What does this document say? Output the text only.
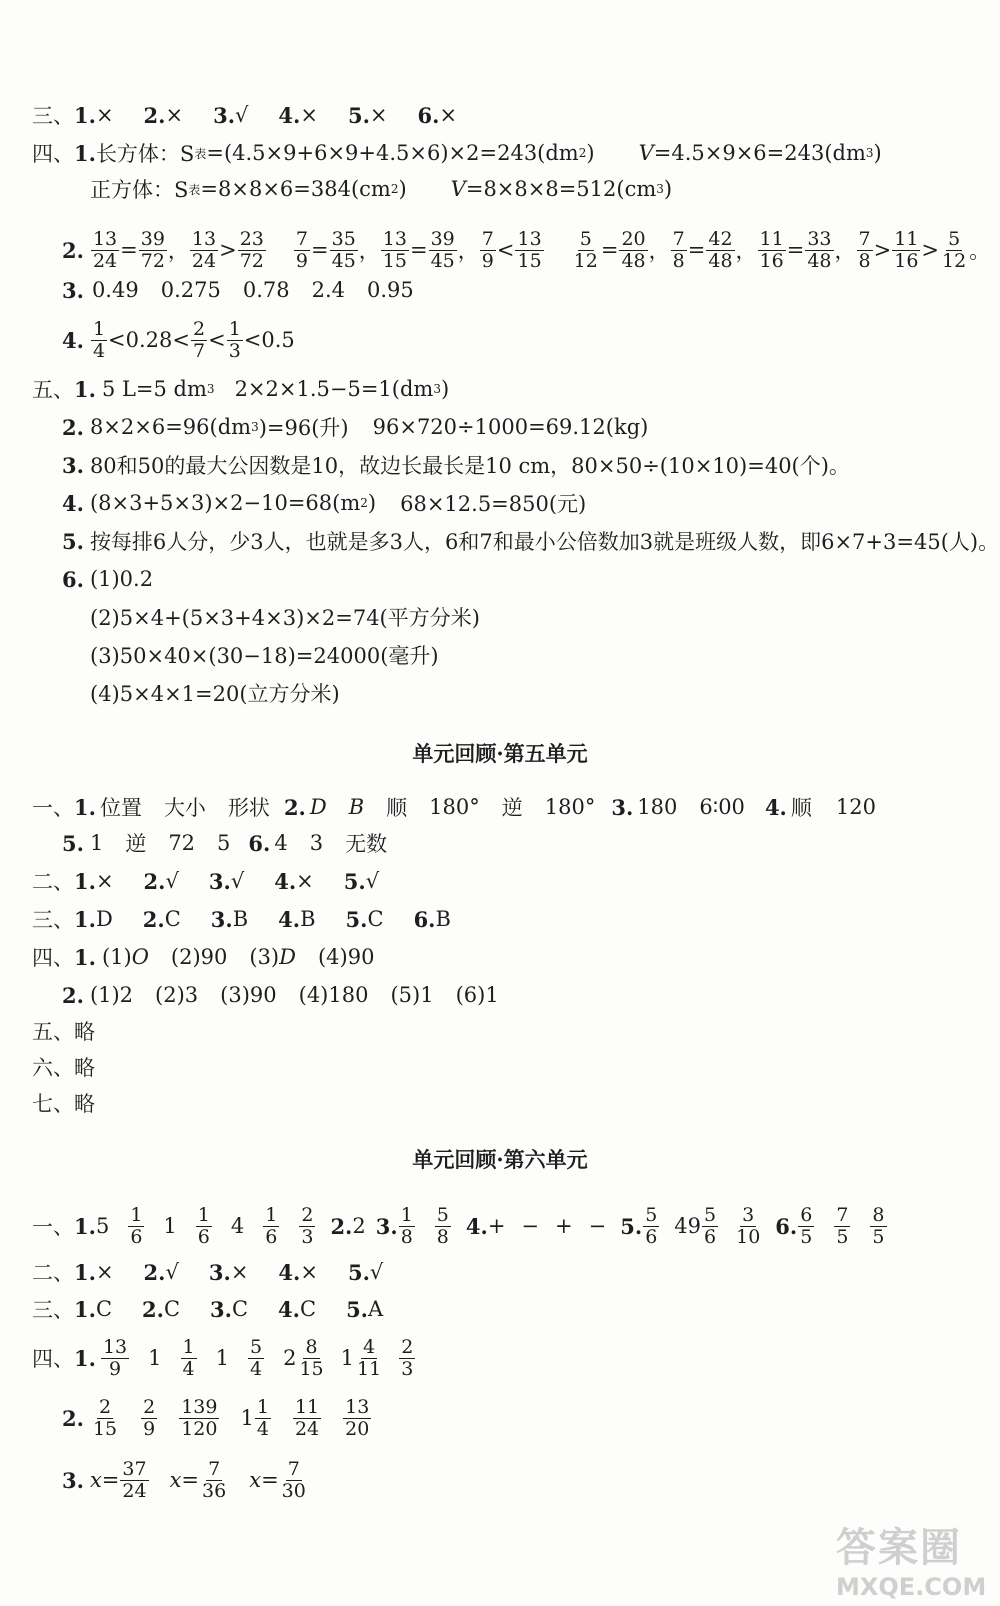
三、 1. × 2. × 3. √ 4. × 5. × 6. ×
四、 1. 长方体：S 表 =(4.5×9+6×9+4.5×6)×2=243(dm 2 ) V =4.5×9×6=243(dm 3 )
正方体：S 表 =8×8×6=384(cm 2 ) V =8×8×8=512(cm 3 )
2. $\frac{13}{24} = \frac{39}{72}$ ， $\frac{13}{24} > \frac{23}{72} \frac{7}{9} = \frac{35}{45}$ ， $\frac{13}{15} = \frac{39}{45}$ ， $\frac{7}{9} < \frac{13}{15} \frac{5}{12} = \frac{20}{48}$ ， $\frac{7}{8} = \frac{42}{48}$ ， $\frac{11}{16} = \frac{33}{48}$ ， $\frac{7}{8} > \frac{11}{16} > \frac{5}{12}$ 。
3. 0.49 0.275 0.78 2.4 0.95
4. $\frac{1}{4} <0.28< \frac{2}{7} < \frac{1}{3} <0.5$
五、 1. 5 L=5 dm 3 2×2×1.5−5=1(dm 3 )
2. 8×2×6=96(dm 3 )=96(升) 96×720÷1000=69.12(kg)
3. 80和50的最大公因数是10，故边长最长是10 cm，80×50÷(10×10)=40(个)。
4. (8×3+5×3)×2−10=68(m 2 ) 68×12.5=850(元)
5. 按每排6人分，少3人，也就是多3人，6和7和最小公倍数加3就是班级人数，即6×7+3=45(人)。
6. (1)0.2
(2)5×4+(5×3+4×3)×2=74(平方分米)
(3)50×40×(30−18)=24000(毫升)
(4)5×4×1=20(立方分米)
单元回顾·第五单元
一、 1. 位置 大小 形状 2. D B 顺 180° 逆 180° 3. 180 6∶00 4. 顺 120
5. 1 逆 72 5 6. 4 3 无数
二、 1. × 2. √ 3. √ 4. × 5. √
三、 1. D 2. C 3. B 4. B 5. C 6. B
四、 1. (1) O (2)90 (3) D (4)90
2. (1)2 (2)3 (3)90 (4)180 (5)1 (6)1
五、略
六、略
七、略
单元回顾·第六单元
一、 1. $5 \frac{1}{6} 1 \frac{1}{6} 4 \frac{1}{6} \frac{2}{3} 2$. 2 3. $\frac{1}{8} \frac{5}{8} 4$. + − + − 5. $\frac{5}{6} 49 \frac{5}{6} \frac{3}{10} 6$. $\frac{6}{5} \frac{7}{5} \frac{8}{5}$
二、 1. × 2. √ 3. × 4. × 5. √
三、 1. C 2. C 3. C 4. C 5. A
四、 1. $\frac{13}{9} 1 \frac{1}{4} 1 \frac{5}{4} 2 \frac{8}{15} 1 \frac{4}{11} \frac{2}{3}$
2. $\frac{2}{15} \frac{2}{9} \frac{139}{120} 1 \frac{1}{4} \frac{11}{24} \frac{13}{20}$
3. $x = \frac{37}{24}$ $x = \frac{7}{36}$ $x = \frac{7}{30}$
答案圈
MXQE.COM
